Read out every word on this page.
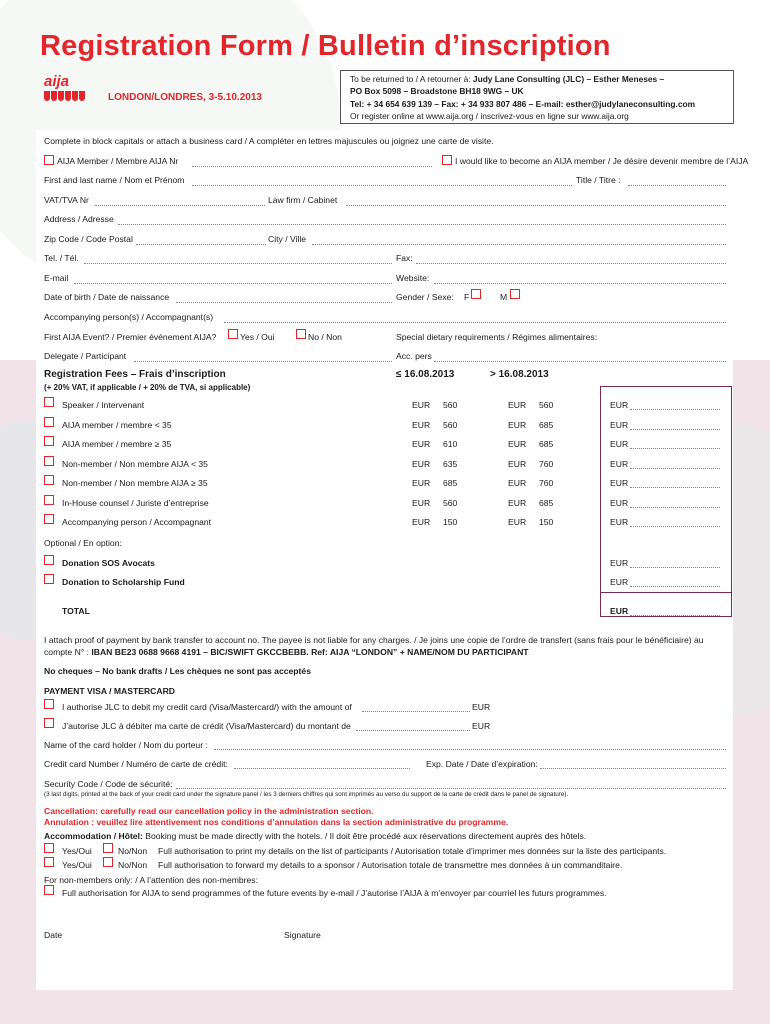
Registration Form / Bulletin d’inscription
aija
LONDON/LONDRES, 3-5.10.2013
To be returned to / A retourner à: Judy Lane Consulting (JLC) – Esther Meneses –
PO Box 5098 – Broadstone BH18 9WG – UK
Tel: + 34 654 639 139 – Fax: + 34 933 807 486 – E-mail: esther@judylaneconsulting.com
Or register online at www.aija.org / inscrivez-vous en ligne sur www.aija.org
Complete in block capitals or attach a business card / A compléter en lettres majuscules ou joignez une carte de visite.
AIJA Member / Membre AIJA Nr	I would like to become an AIJA member / Je désire devenir membre de l’AIJA
First and last name / Nom et Prénom	Title / Titre :
VAT/TVA Nr	Law firm / Cabinet
Address / Adresse
Zip Code / Code Postal	City / Ville
Tel. / Tél.	Fax:
E-mail	Website:
Date of birth / Date de naissance	Gender / Sexe: F	M
Accompanying person(s) / Accompagnant(s)
First AIJA Event? / Premier événement AIJA?	Yes / Oui	No / Non	Special dietary requirements / Régimes alimentaires:
Delegate / Participant	Acc. pers
Registration Fees – Frais d’inscription
(+ 20% VAT, if applicable / + 20% de TVA, si applicable)
≤ 16.08.2013	> 16.08.2013
Speaker / Intervenant	EUR 560	EUR 560	EUR
AIJA member / membre < 35	EUR 560	EUR 685	EUR
AIJA member / membre ≥ 35	EUR 610	EUR 685	EUR
Non-member / Non membre AIJA < 35	EUR 635	EUR 760	EUR
Non-member / Non membre AIJA ≥ 35	EUR 685	EUR 760	EUR
In-House counsel / Juriste d’entreprise	EUR 560	EUR 685	EUR
Accompanying person / Accompagnant	EUR 150	EUR 150	EUR
Optional / En option:
Donation SOS Avocats	EUR
Donation to Scholarship Fund	EUR
TOTAL	EUR
I attach proof of payment by bank transfer to account no. The payee is not liable for any charges. / Je joins une copie de l’ordre de transfert (sans frais pour le bénéficiaire) au
compte N° : IBAN BE23 0688 9668 4191 – BIC/SWIFT GKCCBEBB. Ref: AIJA “LONDON” + NAME/NOM DU PARTICIPANT
No cheques – No bank drafts / Les chèques ne sont pas acceptés
PAYMENT VISA / MASTERCARD
I authorise JLC to debit my credit card (Visa/Mastercard/) with the amount of	EUR
J’autorise JLC à débiter ma carte de crédit (Visa/Mastercard) du montant de	EUR
Name of the card holder / Nom du porteur :
Credit card Number / Numéro de carte de crédit:	Exp. Date / Date d’expiration:
Security Code / Code de sécurité:
(3 last digits, printed at the back of your credit card under the signature panel / les 3 derniers chiffres qui sont imprimés au verso du support de la carte de crédit dans le panel de signature).
Cancellation: carefully read our cancellation policy in the administration section.
Annulation : veuillez lire attentivement nos conditions d’annulation dans la section administrative du programme.
Accommodation / Hôtel: Booking must be made directly with the hotels. / Il doit être procédé aux réservations directement auprès des hôtels.
Yes/Oui	No/Non Full authorisation to print my details on the list of participants / Autorisation totale d’imprimer mes données sur la liste des participants.
Yes/Oui	No/Non Full authorisation to forward my details to a sponsor / Autorisation totale de transmettre mes données à un commanditaire.
For non-members only: / A l’attention des non-membres:
Full authorisation for AIJA to send programmes of the future events by e-mail / J’autorise l’AIJA à m’envoyer par courriel les futurs programmes.
Date	Signature
